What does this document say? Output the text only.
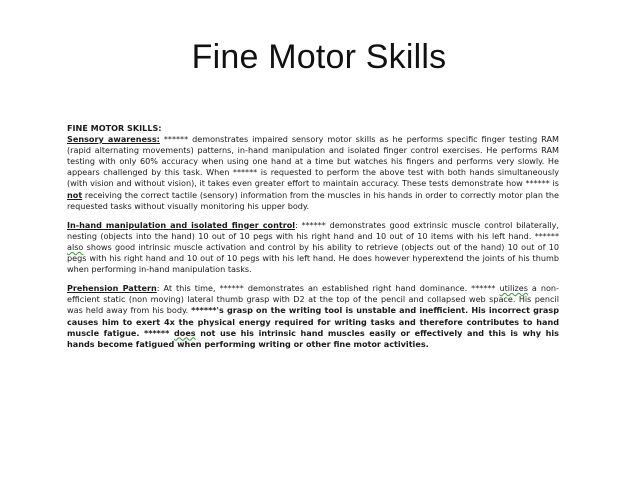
Fine Motor Skills

FINE MOTOR SKILLS:

Sensory awareness: ****** demonstrates impaired sensory motor skills as he performs specific finger testing RAM (rapid alternating movements) patterns, in-hand manipulation and isolated finger control exercises. He performs RAM testing with only 60% accuracy when using one hand at a time but watches his fingers and performs very slowly. He appears challenged by this task. When ****** is requested to perform the above test with both hands simultaneously (with vision and without vision), it takes even greater effort to maintain accuracy. These tests demonstrate how ****** is not receiving the correct tactile (sensory) information from the muscles in his hands in order to correctly motor plan the requested tasks without visually monitoring his upper body.

In-hand manipulation and isolated finger control: ****** demonstrates good extrinsic muscle control bilaterally, nesting (objects into the hand) 10 out of 10 pegs with his right hand and 10 out of 10 items with his left hand. ****** also shows good intrinsic muscle activation and control by his ability to retrieve (objects out of the hand) 10 out of 10 pegs with his right hand and 10 out of 10 pegs with his left hand. He does however hyperextend the joints of his thumb when performing in-hand manipulation tasks.

Prehension Pattern: At this time, ****** demonstrates an established right hand dominance. ****** utilizes a non-efficient static (non moving) lateral thumb grasp with D2 at the top of the pencil and collapsed web space. His pencil was held away from his body. ******'s grasp on the writing tool is unstable and inefficient. His incorrect grasp causes him to exert 4x the physical energy required for writing tasks and therefore contributes to hand muscle fatigue. ****** does not use his intrinsic hand muscles easily or effectively and this is why his hands become fatigued when performing writing or other fine motor activities.
